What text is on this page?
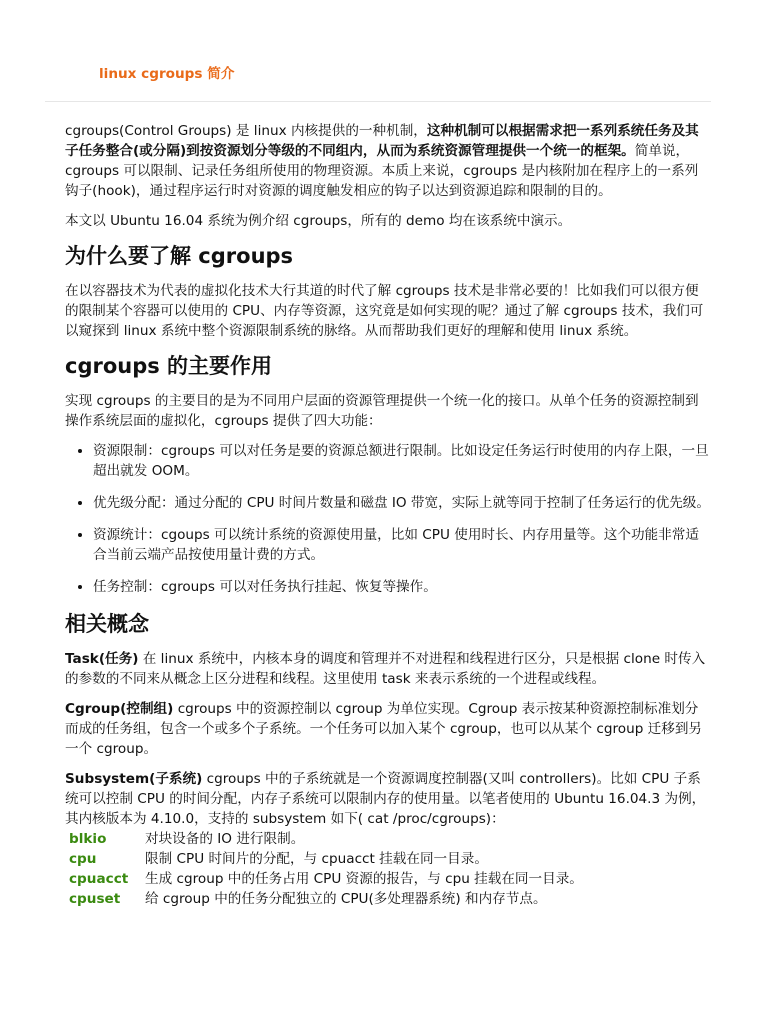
linux cgroups 简介

cgroups(Control Groups) 是 linux 内核提供的一种机制，这种机制可以根据需求把一系列系统任务及其子任务整合(或分隔)到按资源划分等级的不同组内，从而为系统资源管理提供一个统一的框架。简单说，cgroups 可以限制、记录任务组所使用的物理资源。本质上来说，cgroups 是内核附加在程序上的一系列钩子(hook)，通过程序运行时对资源的调度触发相应的钩子以达到资源追踪和限制的目的。

本文以 Ubuntu 16.04 系统为例介绍 cgroups，所有的 demo 均在该系统中演示。

为什么要了解 cgroups

在以容器技术为代表的虚拟化技术大行其道的时代了解 cgroups 技术是非常必要的！比如我们可以很方便的限制某个容器可以使用的 CPU、内存等资源，这究竟是如何实现的呢？通过了解 cgroups 技术，我们可以窥探到 linux 系统中整个资源限制系统的脉络。从而帮助我们更好的理解和使用 linux 系统。

cgroups 的主要作用

实现 cgroups 的主要目的是为不同用户层面的资源管理提供一个统一化的接口。从单个任务的资源控制到操作系统层面的虚拟化，cgroups 提供了四大功能：

• 资源限制：cgroups 可以对任务是要的资源总额进行限制。比如设定任务运行时使用的内存上限，一旦超出就发 OOM。
• 优先级分配：通过分配的 CPU 时间片数量和磁盘 IO 带宽，实际上就等同于控制了任务运行的优先级。
• 资源统计：cgoups 可以统计系统的资源使用量，比如 CPU 使用时长、内存用量等。这个功能非常适合当前云端产品按使用量计费的方式。
• 任务控制：cgroups 可以对任务执行挂起、恢复等操作。
相关概念

Task(任务) 在 linux 系统中，内核本身的调度和管理并不对进程和线程进行区分，只是根据 clone 时传入的参数的不同来从概念上区分进程和线程。这里使用 task 来表示系统的一个进程或线程。

Cgroup(控制组) cgroups 中的资源控制以 cgroup 为单位实现。Cgroup 表示按某种资源控制标准划分而成的任务组，包含一个或多个子系统。一个任务可以加入某个 cgroup，也可以从某个 cgroup 迁移到另一个 cgroup。

Subsystem(子系统) cgroups 中的子系统就是一个资源调度控制器(又叫 controllers)。比如 CPU 子系统可以控制 CPU 的时间分配，内存子系统可以限制内存的使用量。以笔者使用的 Ubuntu 16.04.3 为例，其内核版本为 4.10.0，支持的 subsystem 如下( cat /proc/cgroups)：

blkio	对块设备的 IO 进行限制。
cpu	限制 CPU 时间片的分配，与 cpuacct 挂载在同一目录。
cpuacct	生成 cgroup 中的任务占用 CPU 资源的报告，与 cpu 挂载在同一目录。
cpuset	给 cgroup 中的任务分配独立的 CPU(多处理器系统) 和内存节点。
